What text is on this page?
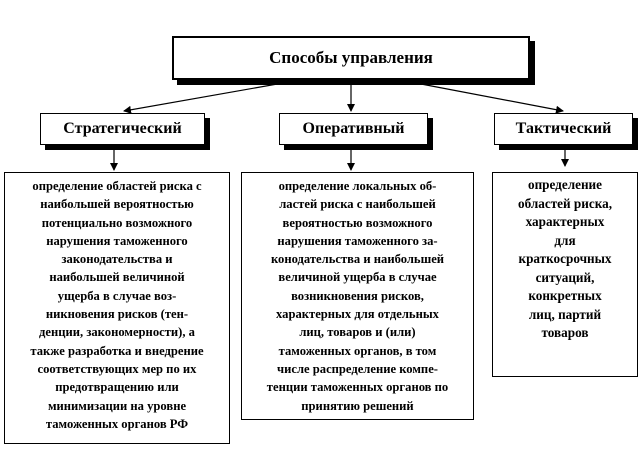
Способы управления
Стратегический	Оперативный	Тактический
определение областей риска с
наибольшей вероятностью
потенциально возможного
нарушения таможенного
законодательства и
наибольшей величиной
ущерба в случае воз-
никновения рисков (тен-
денции, закономерности), а
также разработка и внедрение
соответствующих мер по их
предотвращению или
минимизации на уровне
таможенных органов РФ
определение локальных об-
ластей риска с наибольшей
вероятностью возможного
нарушения таможенного за-
конодательства и наибольшей
величиной ущерба в случае
возникновения рисков,
характерных для отдельных
лиц, товаров и (или)
таможенных органов, в том
числе распределение компе-
тенции таможенных органов по
принятию решений
определение
областей риска,
характерных
для
краткосрочных
ситуаций,
конкретных
лиц, партий
товаров
